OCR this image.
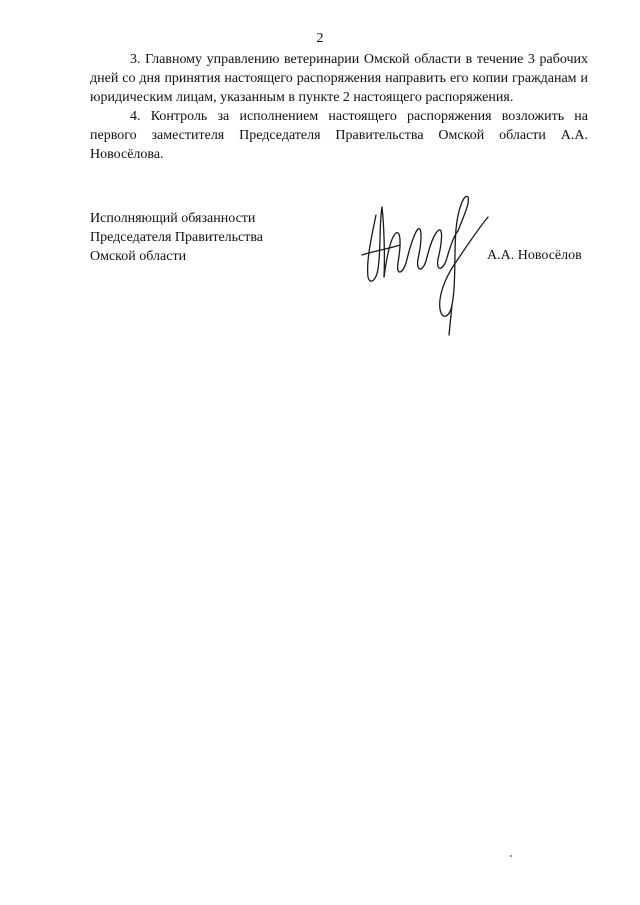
2

3. Главному управлению ветеринарии Омской области в течение 3 рабочих дней со дня принятия настоящего распоряжения направить его копии гражданам и юридическим лицам, указанным в пункте 2 настоящего распоряжения.

4. Контроль за исполнением настоящего распоряжения возложить на первого заместителя Председателя Правительства Омской области А.А. Новосёлова.

Исполняющий обязанности
Председателя Правительства
Омской области	А.А. Новосёлов
